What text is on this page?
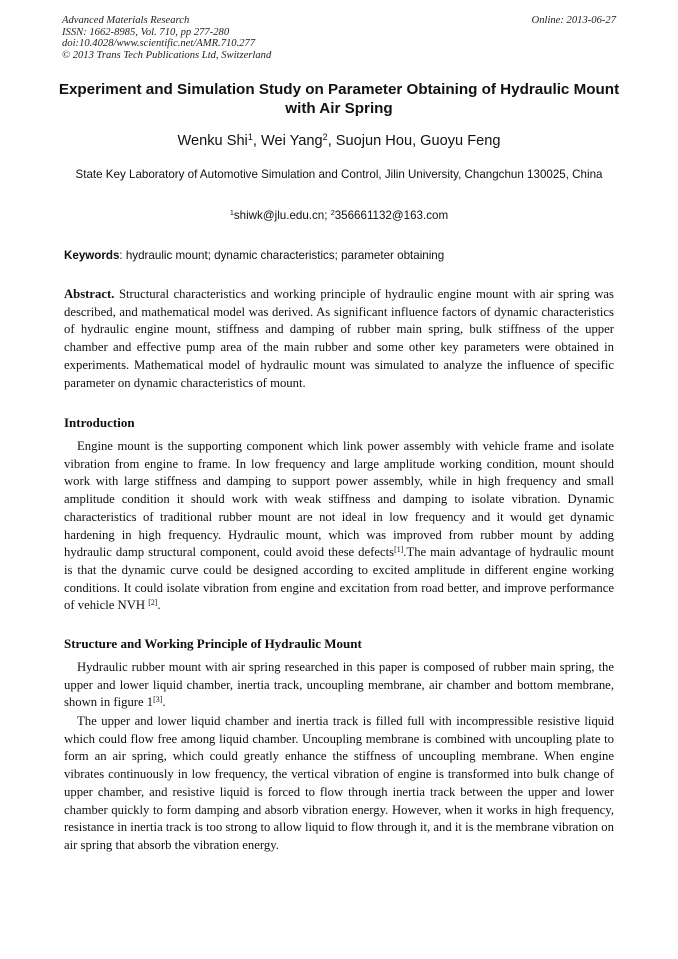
Advanced Materials Research
ISSN: 1662-8985, Vol. 710, pp 277-280
doi:10.4028/www.scientific.net/AMR.710.277
© 2013 Trans Tech Publications Ltd, Switzerland
Online: 2013-06-27
Experiment and Simulation Study on Parameter Obtaining of Hydraulic Mount with Air Spring
Wenku Shi$^1$, Wei Yang$^2$, Suojun Hou, Guoyu Feng
State Key Laboratory of Automotive Simulation and Control, Jilin University, Changchun 130025, China
$^1$shiwk@jlu.edu.cn; $^2$356661132@163.com
Keywords: hydraulic mount; dynamic characteristics; parameter obtaining
Abstract. Structural characteristics and working principle of hydraulic engine mount with air spring was described, and mathematical model was derived. As significant influence factors of dynamic characteristics of hydraulic engine mount, stiffness and damping of rubber main spring, bulk stiffness of the upper chamber and effective pump area of the main rubber and some other key parameters were obtained in experiments. Mathematical model of hydraulic mount was simulated to analyze the influence of specific parameter on dynamic characteristics of mount.
Introduction
Engine mount is the supporting component which link power assembly with vehicle frame and isolate vibration from engine to frame. In low frequency and large amplitude working condition, mount should work with large stiffness and damping to support power assembly, while in high frequency and small amplitude condition it should work with weak stiffness and damping to isolate vibration. Dynamic characteristics of traditional rubber mount are not ideal in low frequency and it would get dynamic hardening in high frequency. Hydraulic mount, which was improved from rubber mount by adding hydraulic damp structural component, could avoid these defects[1].The main advantage of hydraulic mount is that the dynamic curve could be designed according to excited amplitude in different engine working conditions. It could isolate vibration from engine and excitation from road better, and improve performance of vehicle NVH [2].
Structure and Working Principle of Hydraulic Mount
Hydraulic rubber mount with air spring researched in this paper is composed of rubber main spring, the upper and lower liquid chamber, inertia track, uncoupling membrane, air chamber and bottom membrane, shown in figure 1[3].
The upper and lower liquid chamber and inertia track is filled full with incompressible resistive liquid which could flow free among liquid chamber. Uncoupling membrane is combined with uncoupling plate to form an air spring, which could greatly enhance the stiffness of uncoupling membrane. When engine vibrates continuously in low frequency, the vertical vibration of engine is transformed into bulk change of upper chamber, and resistive liquid is forced to flow through inertia track between the upper and lower chamber quickly to form damping and absorb vibration energy. However, when it works in high frequency, resistance in inertia track is too strong to allow liquid to flow through it, and it is the membrane vibration on air spring that absorb the vibration energy.
